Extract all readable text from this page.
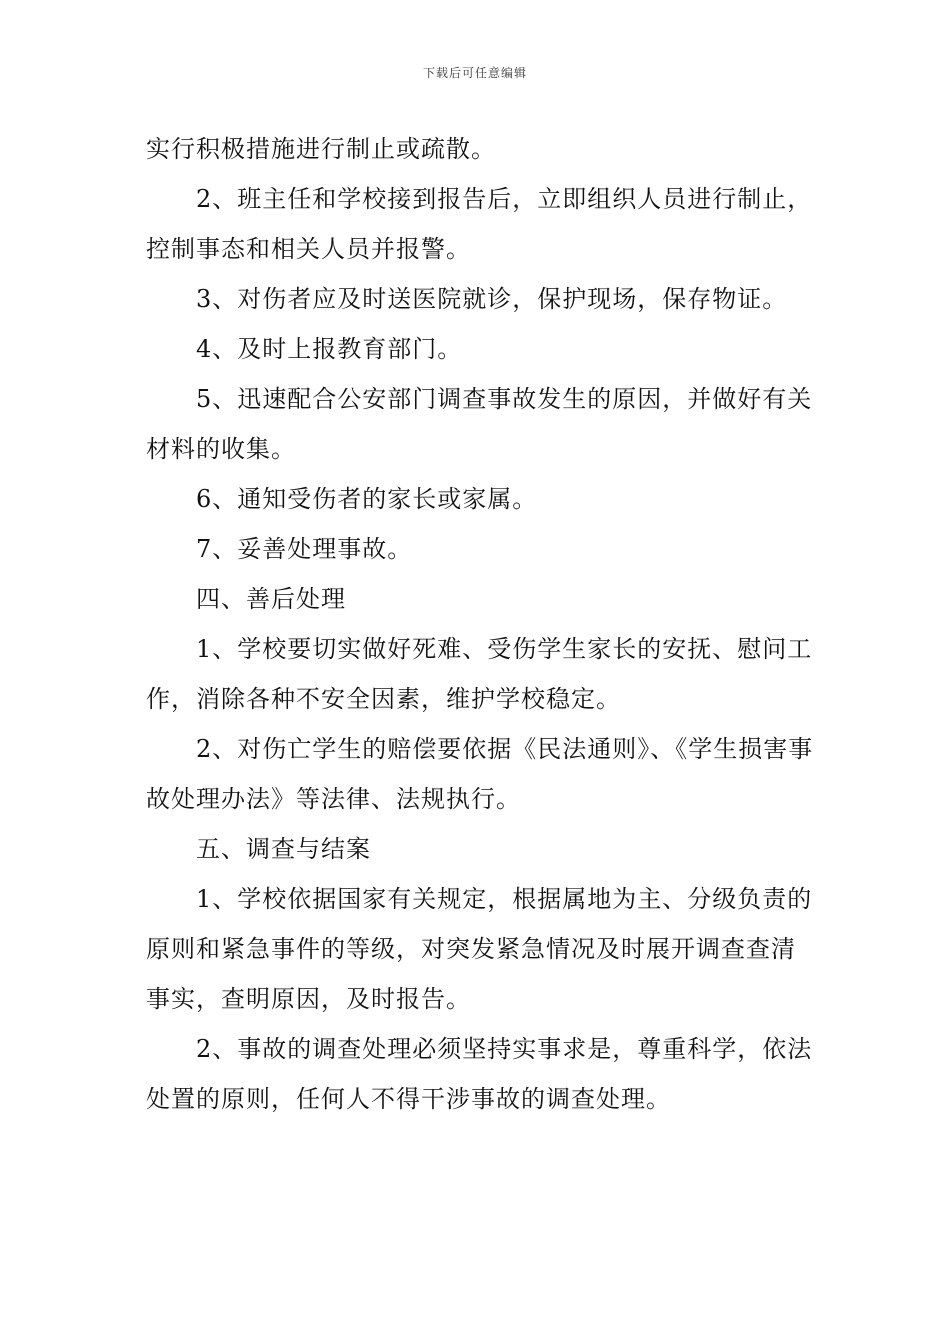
下载后可任意编辑

实行积极措施进行制止或疏散。

2、班主任和学校接到报告后，立即组织人员进行制止，控制事态和相关人员并报警。

3、对伤者应及时送医院就诊，保护现场，保存物证。

4、及时上报教育部门。

5、迅速配合公安部门调查事故发生的原因，并做好有关材料的收集。

6、通知受伤者的家长或家属。

7、妥善处理事故。

四、善后处理

1、学校要切实做好死难、受伤学生家长的安抚、慰问工作，消除各种不安全因素，维护学校稳定。

2、对伤亡学生的赔偿要依据《民法通则》、《学生损害事故处理办法》等法律、法规执行。

五、调查与结案

1、学校依据国家有关规定，根据属地为主、分级负责的原则和紧急事件的等级，对突发紧急情况及时展开调查查清事实，查明原因，及时报告。

2、事故的调查处理必须坚持实事求是，尊重科学，依法处置的原则，任何人不得干涉事故的调查处理。
